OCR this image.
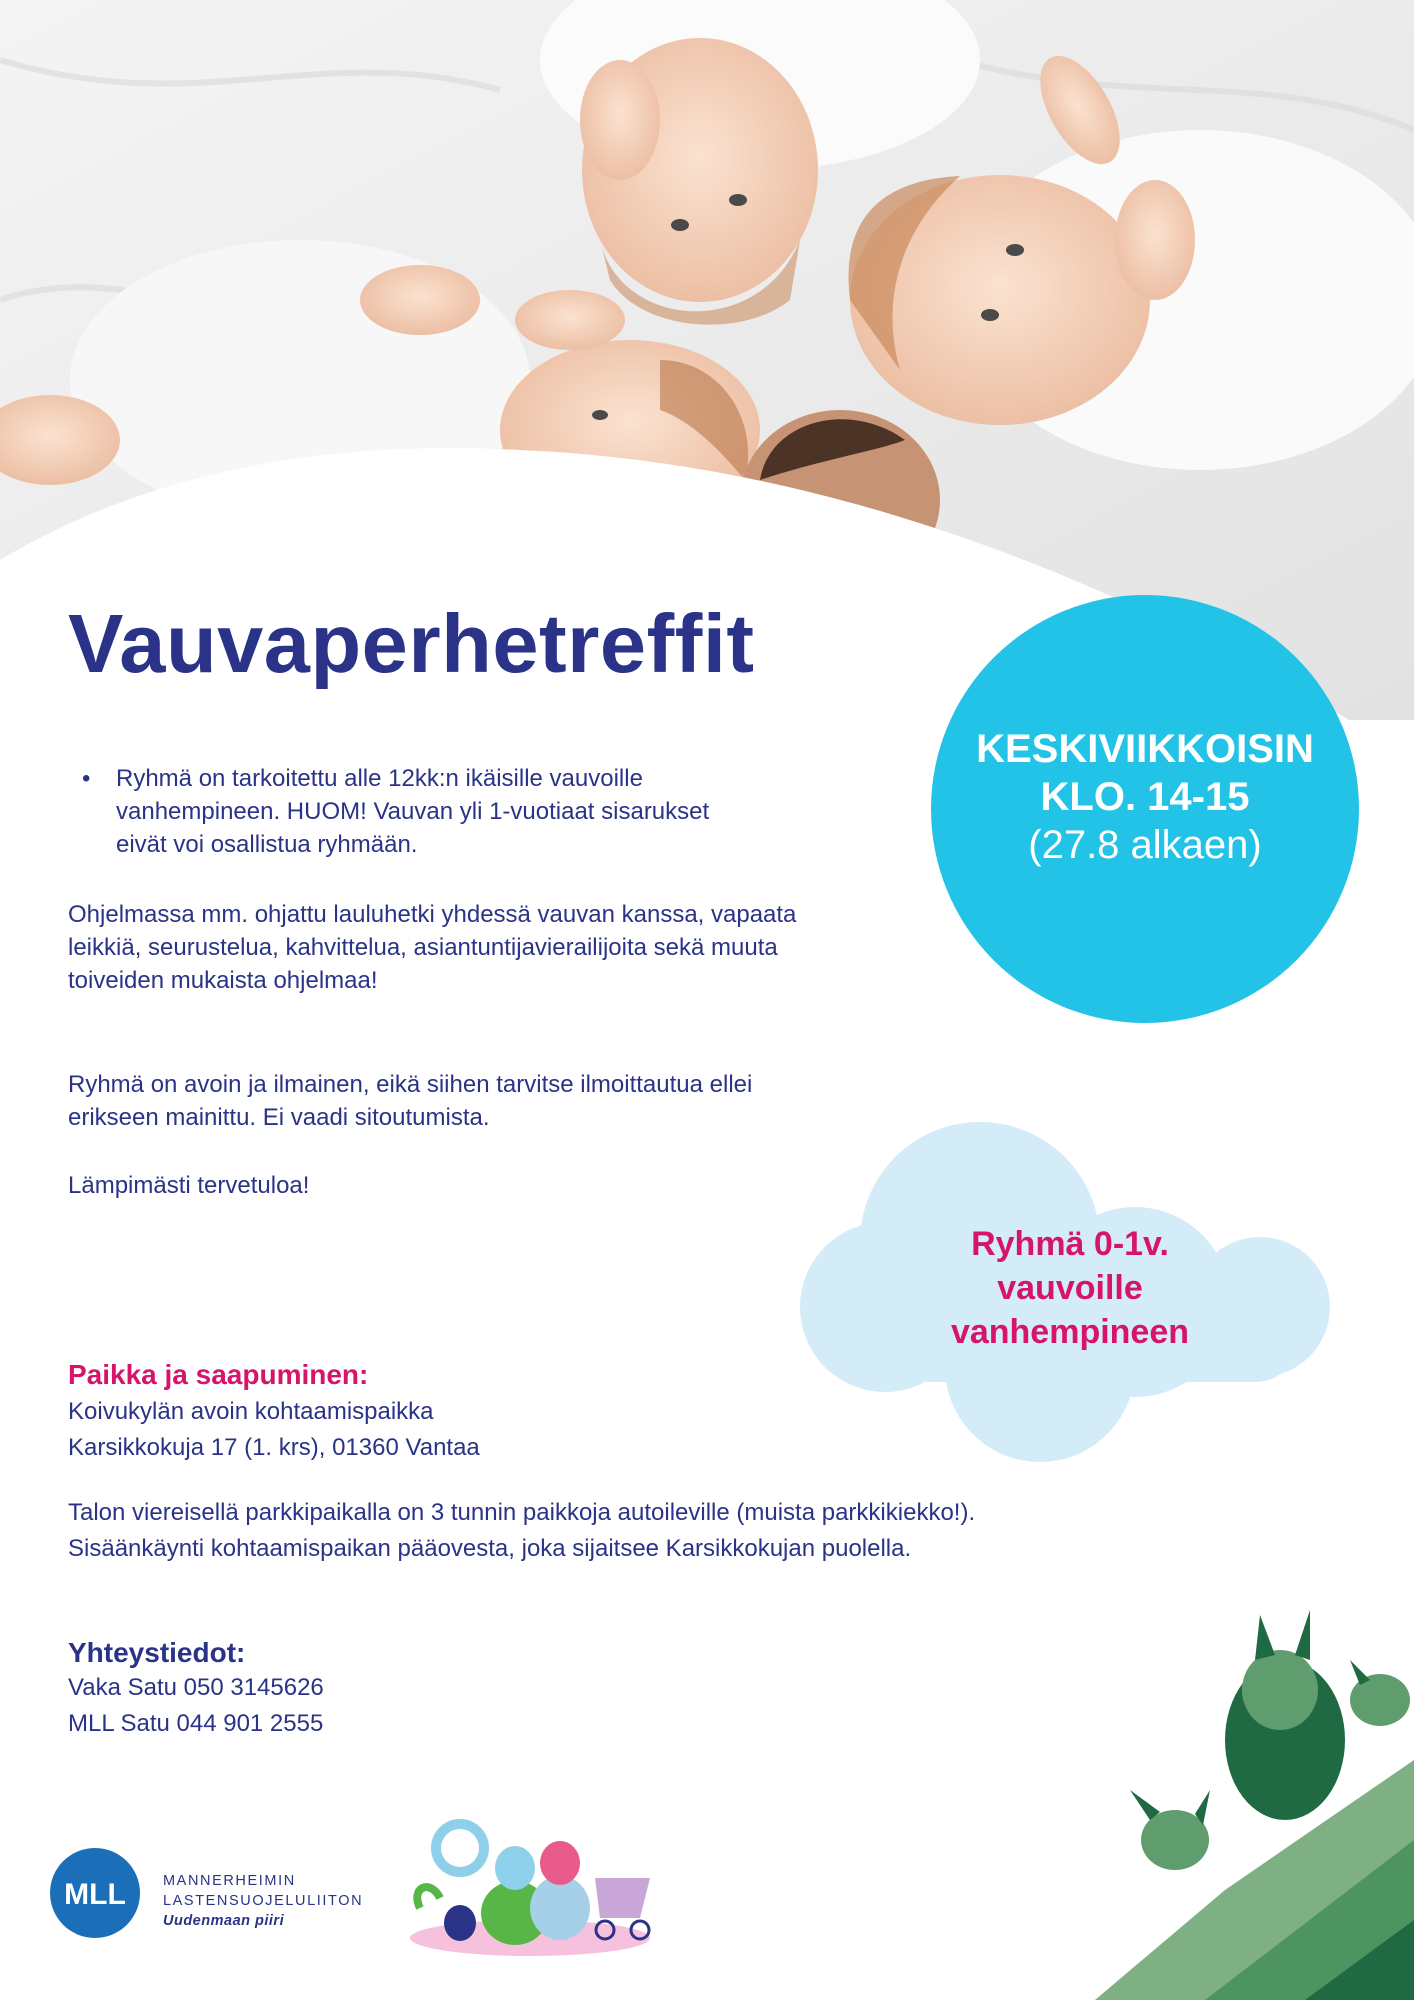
Vauvaperhetreffit
• Ryhmä on tarkoitettu alle 12kk:n ikäisille vauvoille vanhempineen. HUOM! Vauvan yli 1-vuotiaat sisarukset eivät voi osallistua ryhmään.

Ohjelmassa mm. ohjattu lauluhetki yhdessä vauvan kanssa, vapaata leikkiä, seurustelua, kahvittelua, asiantuntijavierailijoita sekä muuta toiveiden mukaista ohjelmaa!

Ryhmä on avoin ja ilmainen, eikä siihen tarvitse ilmoittautua ellei erikseen mainittu. Ei vaadi sitoutumista.

Lämpimästi tervetuloa!

KESKIVIIKKOISIN
KLO. 14-15
(27.8 alkaen)
Ryhmä 0-1v. vauvoille vanhempineen
Paikka ja saapuminen:
Koivukylän avoin kohtaamispaikka
Karsikkokuja 17 (1. krs), 01360 Vantaa
Talon viereisellä parkkipaikalla on 3 tunnin paikkoja autoileville (muista parkkikiekko!).
Sisäänkäynti kohtaamispaikan pääovesta, joka sijaitsee Karsikkokujan puolella.
Yhteystiedot:
Vaka Satu 050 3145626
MLL Satu 044 901 2555
MLL	MANNERHEIMIN
LASTENSUOJELULIITON
Uudenmaan piiri
